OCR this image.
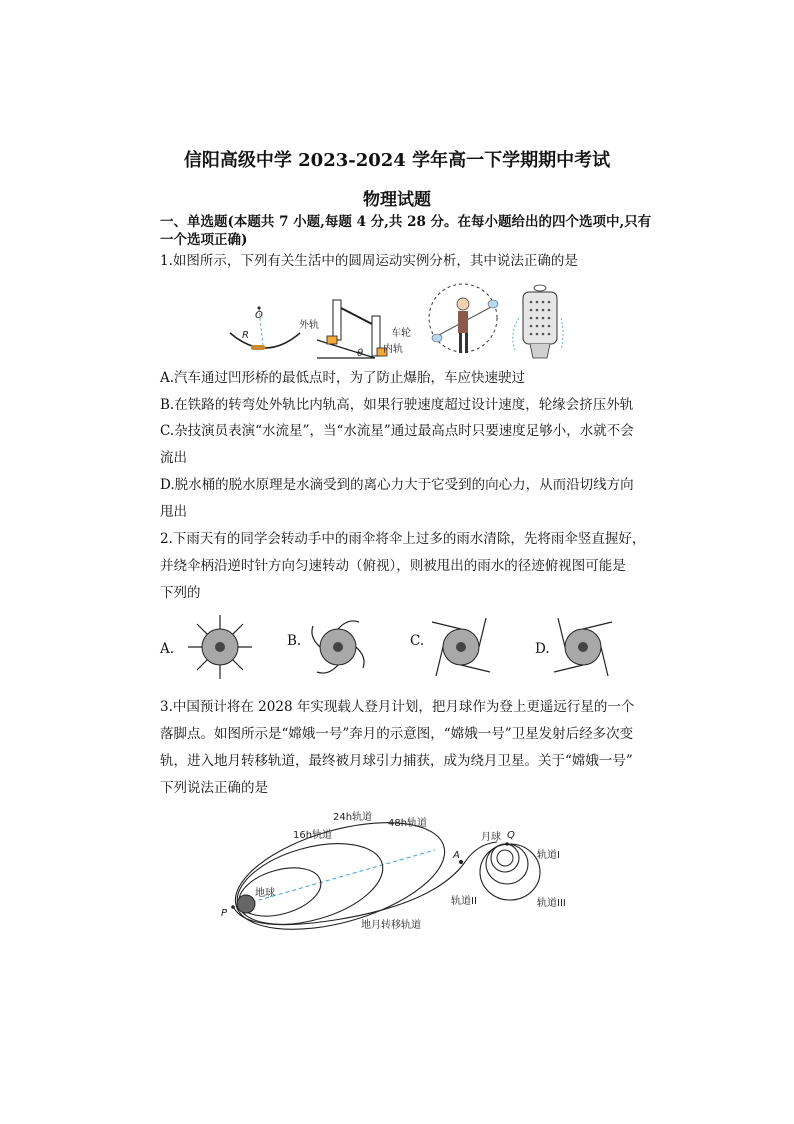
信阳高级中学 2023-2024 学年高一下学期期中考试
物理试题
一、单选题(本题共 7 小题,每题 4 分,共 28 分。在每小题给出的四个选项中,只有
一个选项正确)
1.如图所示，下列有关生活中的圆周运动实例分析，其中说法正确的是
O
R
外轨
车轮
内轨
θ
A.汽车通过凹形桥的最低点时，为了防止爆胎，车应快速驶过
B.在铁路的转弯处外轨比内轨高，如果行驶速度超过设计速度，轮缘会挤压外轨
C.杂技演员表演“水流星”，当“水流星”通过最高点时只要速度足够小，水就不会
流出
D.脱水桶的脱水原理是水滴受到的离心力大于它受到的向心力，从而沿切线方向
甩出
2.下雨天有的同学会转动手中的雨伞将伞上过多的雨水清除，先将雨伞竖直握好，
并绕伞柄沿逆时针方向匀速转动（俯视），则被甩出的雨水的径迹俯视图可能是
下列的
A.	B.	C.	D.
3.中国预计将在 2028 年实现载人登月计划，把月球作为登上更遥远行星的一个
落脚点。如图所示是“嫦娥一号”奔月的示意图，“嫦娥一号”卫星发射后经多次变
轨，进入地月转移轨道，最终被月球引力捕获，成为绕月卫星。关于“嫦娥一号”
下列说法正确的是
24h轨道
16h轨道
48h轨道
地球
P
A
月球 Q
轨道I
轨道II	轨道III
地月转移轨道
